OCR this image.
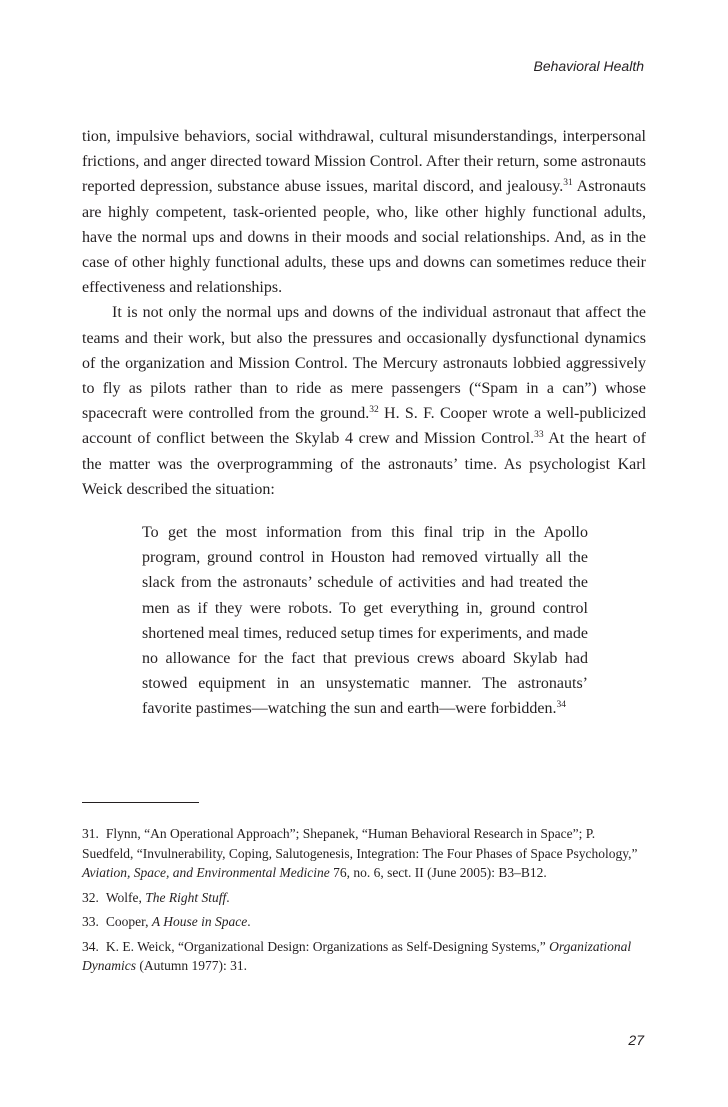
Behavioral Health

tion, impulsive behaviors, social withdrawal, cultural misunderstandings, interpersonal frictions, and anger directed toward Mission Control. After their return, some astronauts reported depression, substance abuse issues, marital discord, and jealousy.$^{31}$ Astronauts are highly competent, task-oriented people, who, like other highly functional adults, have the normal ups and downs in their moods and social relationships. And, as in the case of other highly functional adults, these ups and downs can sometimes reduce their effectiveness and relationships.

It is not only the normal ups and downs of the individual astronaut that affect the teams and their work, but also the pressures and occasionally dysfunctional dynamics of the organization and Mission Control. The Mercury astronauts lobbied aggressively to fly as pilots rather than to ride as mere passengers (“Spam in a can”) whose spacecraft were controlled from the ground.$^{32}$ H. S. F. Cooper wrote a well-publicized account of conflict between the Skylab 4 crew and Mission Control.$^{33}$ At the heart of the matter was the overprogramming of the astronauts’ time. As psychologist Karl Weick described the situation:

To get the most information from this final trip in the Apollo program, ground control in Houston had removed virtually all the slack from the astronauts’ schedule of activities and had treated the men as if they were robots. To get everything in, ground control shortened meal times, reduced setup times for experiments, and made no allowance for the fact that previous crews aboard Skylab had stowed equipment in an unsystematic manner. The astronauts’ favorite pastimes—watching the sun and earth—were forbidden.$^{34}$

31. Flynn, “An Operational Approach”; Shepanek, “Human Behavioral Research in Space”; P. Suedfeld, “Invulnerability, Coping, Salutogenesis, Integration: The Four Phases of Space Psychology,” Aviation, Space, and Environmental Medicine 76, no. 6, sect. II (June 2005): B3–B12.

32. Wolfe, The Right Stuff.

33. Cooper, A House in Space.

34. K. E. Weick, “Organizational Design: Organizations as Self-Designing Systems,” Organizational Dynamics (Autumn 1977): 31.

27
